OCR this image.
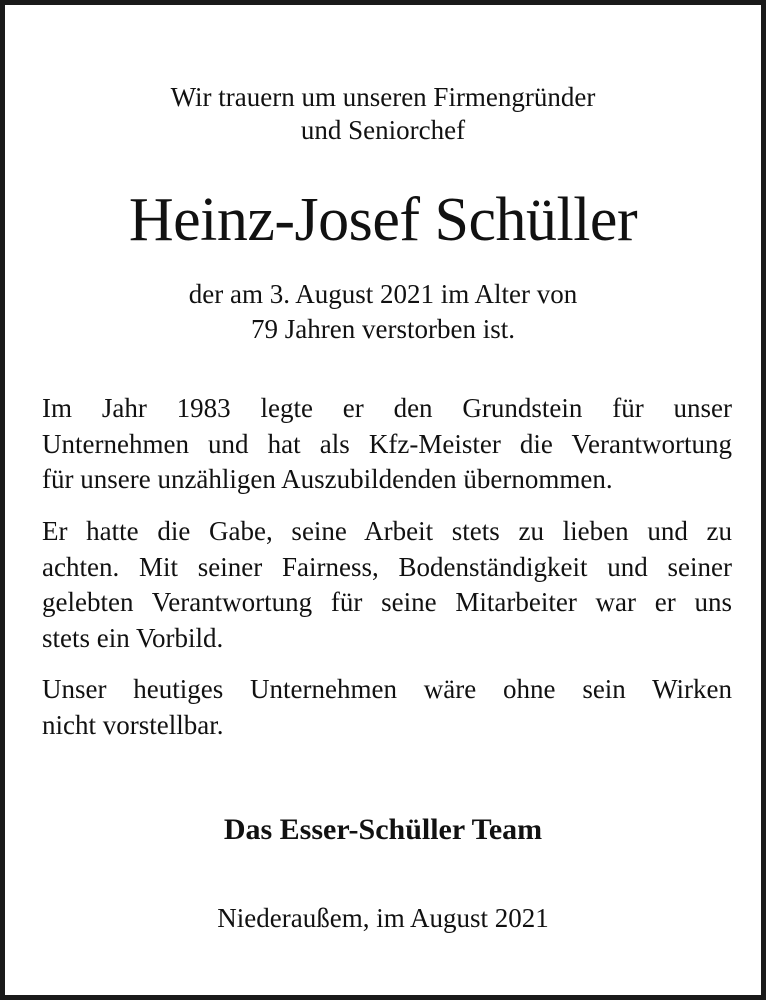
Wir trauern um unseren Firmengründer
und Seniorchef
Heinz-Josef Schüller
der am 3. August 2021 im Alter von
79 Jahren verstorben ist.

Im Jahr 1983 legte er den Grundstein für unser
Unternehmen und hat als Kfz-Meister die Verantwortung
für unsere unzähligen Auszubildenden übernommen.

Er hatte die Gabe, seine Arbeit stets zu lieben und zu
achten. Mit seiner Fairness, Bodenständigkeit und seiner
gelebten Verantwortung für seine Mitarbeiter war er uns
stets ein Vorbild.

Unser heutiges Unternehmen wäre ohne sein Wirken
nicht vorstellbar.

Das Esser-Schüller Team
Niederaußem, im August 2021
